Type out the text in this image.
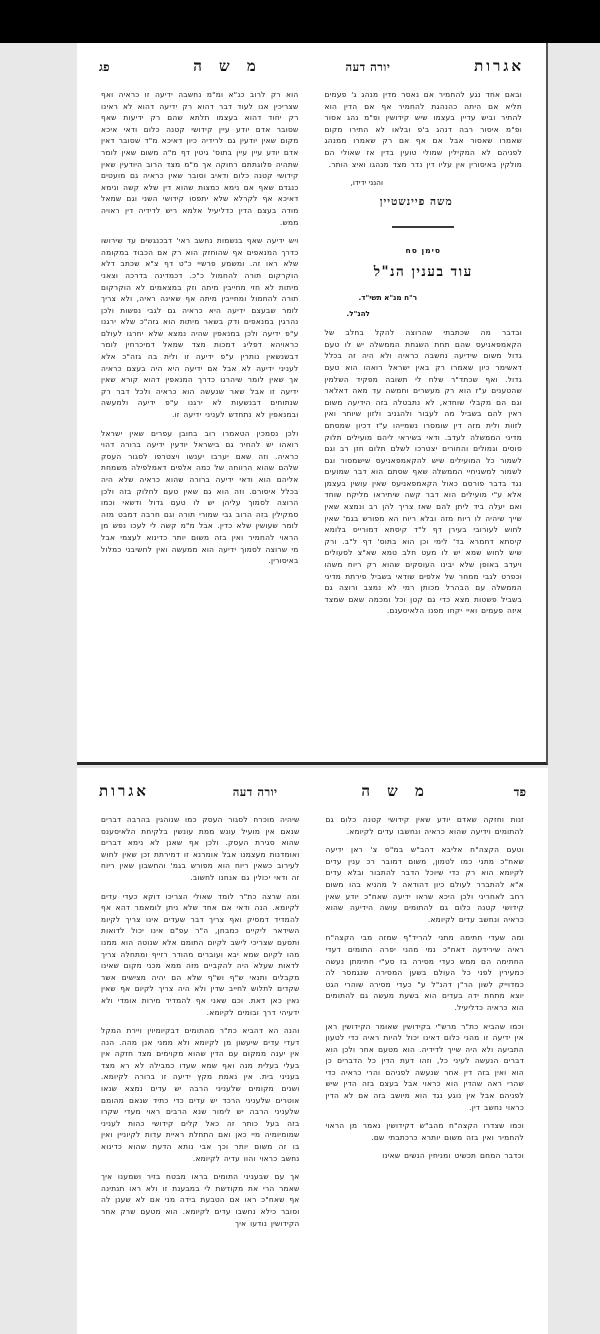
אגרות
יורה דעה
מ ש ה
פג

הוא רק לרוב כנ"א ומ"מ נחשבה ידיעה זו כראיה ואף שצריכין אנו לעוד דבר דהוא רק ידיעה דהוא לא ראינו רק יחוד דהוא בעצמו תלתא שהם רק ידיעות שאף שסובר אדם יודע עיין קידושי קטנה כלום ודאי איכא מקום שאין יודעין גם לרידיה כיון דאיכא מ"ד שסובר דאין אדם יודע עיין עיין בתוס' גיטין דף מ"ה משום שאין לומר שתהיה פלוגתתם רחוקה אך מ"מ מצד הרוב היודעין שאין קידושי קטנה כלום ודאיב וסובר שאין כראיה גם מועטים כנגדם שאף אם נימא כמצות שהוא דין שלא קשה ונימא דאיכא אף לקרלא שלא יתפסו קידושי השני וגם שמאל מודה בעצם הדין כדליעיל אלמא ריש לדידיה דין ראויה ממש.

ויש ידיעה שאף בנשמות נחשב ראי' דבכנגשים עד שירושו כדרך המנאפים אף שהוחזק הוא רק אם הכבוד במקומה שלא ראו זה. ומשמע פרשיי כ"ט דף צ"א שכתב דלא הוקרקום תורה להחמול כ"כ. דכמדינה בדרכה וצאני מיתות לא חזי מחייבין מיתה וזק במצאמים לא הוקרקום תורה להחמול ומחייבין מיתה אף שאינה ראיה, ולא צריך לומר שבעצם ידיעה היא כראיה גם לגבי נפשות ולכן נהרגין במנאפים ודק בשאר מיתות הוא גזה"כ שלא ירגנו ע"פ ידיעה ולכן במנאפין שהיה נמצא שלא יחרגו לעולם כראויהא דפליג דמכות מצד שמאל דמיכרחין לומר דבשנשאין נותרין ע"פ ידיעה זו ולית בה גזה"כ אלא לעניני ידיעה לא אבל אם ידיעה היא היה בעצם כראיה אך שאין לומר שיהרגו כדרך המנאפין דהוא קורא שאין ידיעה זו אבל שאר שנעשה הוא כראיה ולכל דבר רק שנתוחים דבנשעות לא ירגנו ע"פ ידיעה ולמעשה ובמנאפין לא נתחדש לעניני ידיעה זו.

ולכן נסמכין הטאמרו רוב בחובן עפרים שאין ישראל רואהו יש להחיר גם בישראל יודעין ידיעה ברורה דהוי כראיה. וזה שאם יערבו יענשו ויצטרפו לסגור העסק שלהם שהוא הרווחה של כמה אלפים דאמלפילה משמחת אליהם הוא ודאי ידיעה ברורה שהוא כראיה שלא היה בכלל איסורם. וזה הוא גם שאין טעם לחלוק בזה ולכן הרוצה לסמוך עליהן יש לו טעם גדול ודשאי וכמו סמקילין בזה הרוב גבי שמורי תורה וגם חרבה דמבט מזה לומר שעושין שלא כדין. אבל מ"מ קשה לי לעכו נפש מן הראוי להחמיר ואין בזה משום יותר כדינוא לעצמי אבל מי שרוצה לסמוך ידיעה הוא ממעשה ואין לחשיבני כמלול באיסורין.

ובאם אחד נגע להחמיר אם נאסר מדין מנהג ג' פעמים תליא אם היתה כהנהגת להחמיר אף אם הדין הוא להתיר וביש עדיין בעצמו שיש קידושין ופ"מ נהג אסור ופ"מ איסור רבה דנהג ב'פ ובלאו לא התירו מקום שאמרו שאסור אבל אם אף אם רק שאמרו ממנהג לפניהם לא המקילין שמולי טועין בדין אז שאולי הם מולקין באיסורין אין עליו דין נדר מצד מנהגו ואיצ הותר.

והנני ידידו,

משה פיינשטיין

סימן סח

עוד בענין הנ"ל

ר"ח מנ"א תשי"ד.

להנ"ל.

ובדבר מה שכתבתי שהרוצה להקל בחלב של הקאמפאניעס שהם תחת השגחת הממשלה יש לו טעם גדול משום שידיעה נחשבה כראיה ולא היה זה בכלל דאשימר כיון שאמרו רק באין ישראל רואהו הוא טעם גדול. ואף שכתד"ר שלח לי תשובה מפקיד השלמין שהטענים ע"ז הוא רק מעשרים וחמשה עד מאה דאלאר וגם הם מקבלי שוחדא, לא נתבטלה בזה הידיעה משום ראין להם בשביל מה לעבור ולהגניב ולזון שיותר ואין לזוות ולית מזה דין שומסרו נשמייהו ע"ז דכיון שמסתם מדיני הממשלה לעדב. ודאי בשיראי ליהם מועילים תלוק סוסים וגמולים והחורים יצטרכו לשלם תלום חזן רב וגם לשמור כל המועילים שיש להקאמפאניעס שישמסור וגם לשמור למשניחיי הממשלה שאף שסתם הוא דבר שמועים נגד בדבר פורסם כאול הקאמפאניעס שאין עושין בעצמן אלא ע"י מועילים הוא דבר קשה שיתיראו מליקח שוחד ואם יעלה ביד ליתן להם שאז צריך להן רב ונמצא שאין שייך שיהיה לו ריוח מזה ובלא ריוח הא מפורש בגמ' שאין לחוש לעורובי בעירן דף ל"ד קיסתא דמורייס בלומא קיסתא דחמרא בד' לימי וכן הוא בתוס' דף ל"ב. ורק שיש לחוש שמא יש לו מעט חלב טמא שא"צ לסעולים ויעדב באופן שלא יבינו העוסקים שהוא רק ריוח משהו וכפרט לגבי ממחר של אלפים שודאי בשביל פירתת מדיני הממשלה עם הבהרל מכותן רמי לא נמצב ורוצה גם בשביל פשטות מצא כדי גם קטן וכל ומכמה שאם שמצד איזה פעמים ואיי יקחו מפנו הלאיסענם.

אגרות	יורה דעה	מ ש ה	פד

שיהיה מוכרח לסגור העסק כמו שנוהגין בהרבה דברים שנאם אין מועיל עונש ממת עונשין בלקיחת הלאיסענס שהוא סגירת העסק. ולכן אף שאנן לא נימא דברים ואומדנות מעצמנו אבל אומרנא זו דמירתת זכן שאין לחוש לעירוב כשאין ריוח הוא מפורש בגמ' והחשבון שאין ריוח זה ודאי יכולין גם אנחנו לחשוב.

ומה שרצה כת"ר לומד שאולי הצריכו דוקא כעדי עדים לקיומא. הנה ודאי אם אחד שלא ניתן לומאמר דהא אף להמדיד דמסיק ואף צריך דבר שעדים אינו צריך לקיומ השידאר ליקיים כמבחן, ה"ר עפ"ם אינו יכול לדואות ותסעם שצריכי לישב לקיום התומם אלא שנוטה הוא ממנו מהו לקיום שמא יבא ועוברים מהודר רזייף ומתחלה צריך לדאות שעלא היה להקביים מזה ממא מכני מקום שאינו מקבלים ותנאי ש"ף וש"ף שלא הם יהיה מצישים אשר שקדים לתלוש לחייב שדין ולא היה צריך לקיום אף שאין נאין כאן דאת. וכם שאני אף להמדיד מירות אומדי ולא ידעיהי דרך ובומים לקיומא.

והנה הא דהביא כת"ר מהתומים דבקיומיוין ויירת המקל דעדי עדים שיעשון מן לקיומא ולא ממני אנן מהה. הנה אין יענה ממקום עם הדין שהוא מקוימים מצד חזקה אין בעלי בעלית מנה ואף שמא שעדו כמבילה לא רא מצד בעניני בית. אין נאמת מקץ ידיעה זו ברורה לקיומא. ושנים מקומים שלעניני הרבה יש עדים נמצא שנאו אוטרים שלעניני הרכד יש עדים כדי כתיד שנאם מהומם שלעניני הרבה יש לימור שנא הרבים ראוי מעדי שקרו בזה בעל כותר זה כאל קלים קידושי כהות לעניני שמומיומיה מיי כאן ואם התחלת ראיית עדות לקיוניין ואין בו זה משום יותר וכך אבי נותא הדעת שהוא כדינוא נחשב כראוי והוו עדיה לקיומא.

אך עם שבעניני התומים בראו מבטח בזיר ושמענו איך שאמר הרי את מקודשת לי במבענת זו ולא ראו תנתינה אף שאח"כ ראו אם הטבעת בידה מני אם לא שענן לה וסובר כילא נחשבו עדים לקיומא. הוא מטעם שרק אחר הקידושין נודעו איך

זנות וחזקה שאדם יודע שאין קידושי קטנה כלום גם להתומים וידיעה שהוא כראיה ונחשבו עדים לקיומא.

וטעם הקצה"ח אליבא דהב"ש במ"ס צ' ראן ידיעה שאח"כ מתני כמו לטמון, משום דמובר רכ ענין עדים לקיומא הוא רק כדי שיוכל הדבר להתבור ובלא עדים א"א להתברר לעולם כיון דהודאה ל מהניא בהו משום רחב לאחריני ולכן היכא שראו ידיעה שאח"כ יודע שאין קידושי קטנה כלום גם להתומים עושה הידיעה שהוא כראיה ונחשב עדים לקיומא.

ומה שעדי חתימה מתני להריד"ף שמזה מבי הקצה"ח ראיה שירידעה דאח"כ נמי מהני יפרה התומים דעדי החתימה הם ממש כעדי מסירה בז סע"י חתימתן נעשה כמעירין לפני כל העולם בשען המסירה שנגמסר לה כמדוייק לשון הר"ן דהנ"ל ע" כעדי מסירה שוהרי הגט יוצא מתחת ידה בעדים הוא בשעת מעשה גם להתומים הוא כראיה כדליעיל.

וכמו שהביא כת"ר מרש"י בקידושין שאומר הקידושין ראן אין ידיעה זו מהני כלום דאינו יכול להיות ראיה כדי לטעון התביעה ולא היה שייך לדידיה. הוא מטעם אחר ולכן הוא דברים הנעשה לעיני כל, וזהו דעת הדין כל הדברים כן הוא ואין בזה דין אחר שנעשה לפניהם והרי כראיה כדי שהרי ראה שהדין הוא כראוי אבל בעצם בזה הדין שיש לפניהם אבל אין נוגע נגד הוא מיושב בזה אם לא הדין כראוי נחשב דין.

וכמו שצדרו הקצה"ח מהב"ש דקידושין נאמר מן הראוי להחמיר ואין בזה משום יותרא כרכתבתי שם.

וכדבר המחם תכשיט ומניחין הנשים שאינו
